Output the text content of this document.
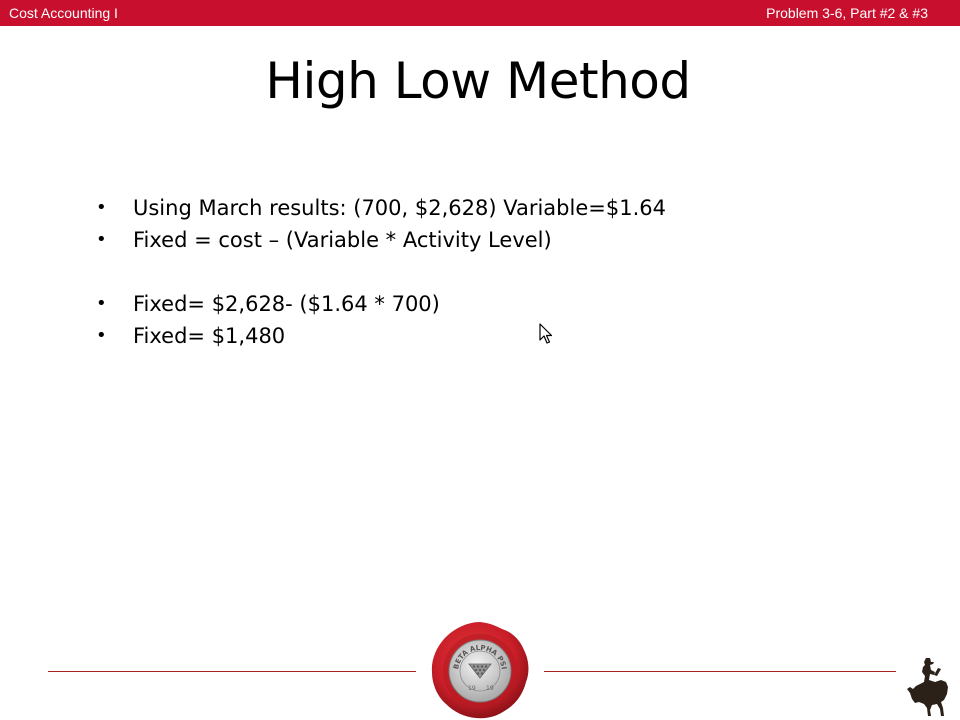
Cost Accounting I	Problem 3-6, Part #2 & #3
High Low Method
• Using March results: (700, $2,628) Variable=$1.64
• Fixed = cost – (Variable * Activity Level)
• Fixed= $2,628- ($1.64 * 700)
• Fixed= $1,480
BETA ALPHA PSI
19 19
